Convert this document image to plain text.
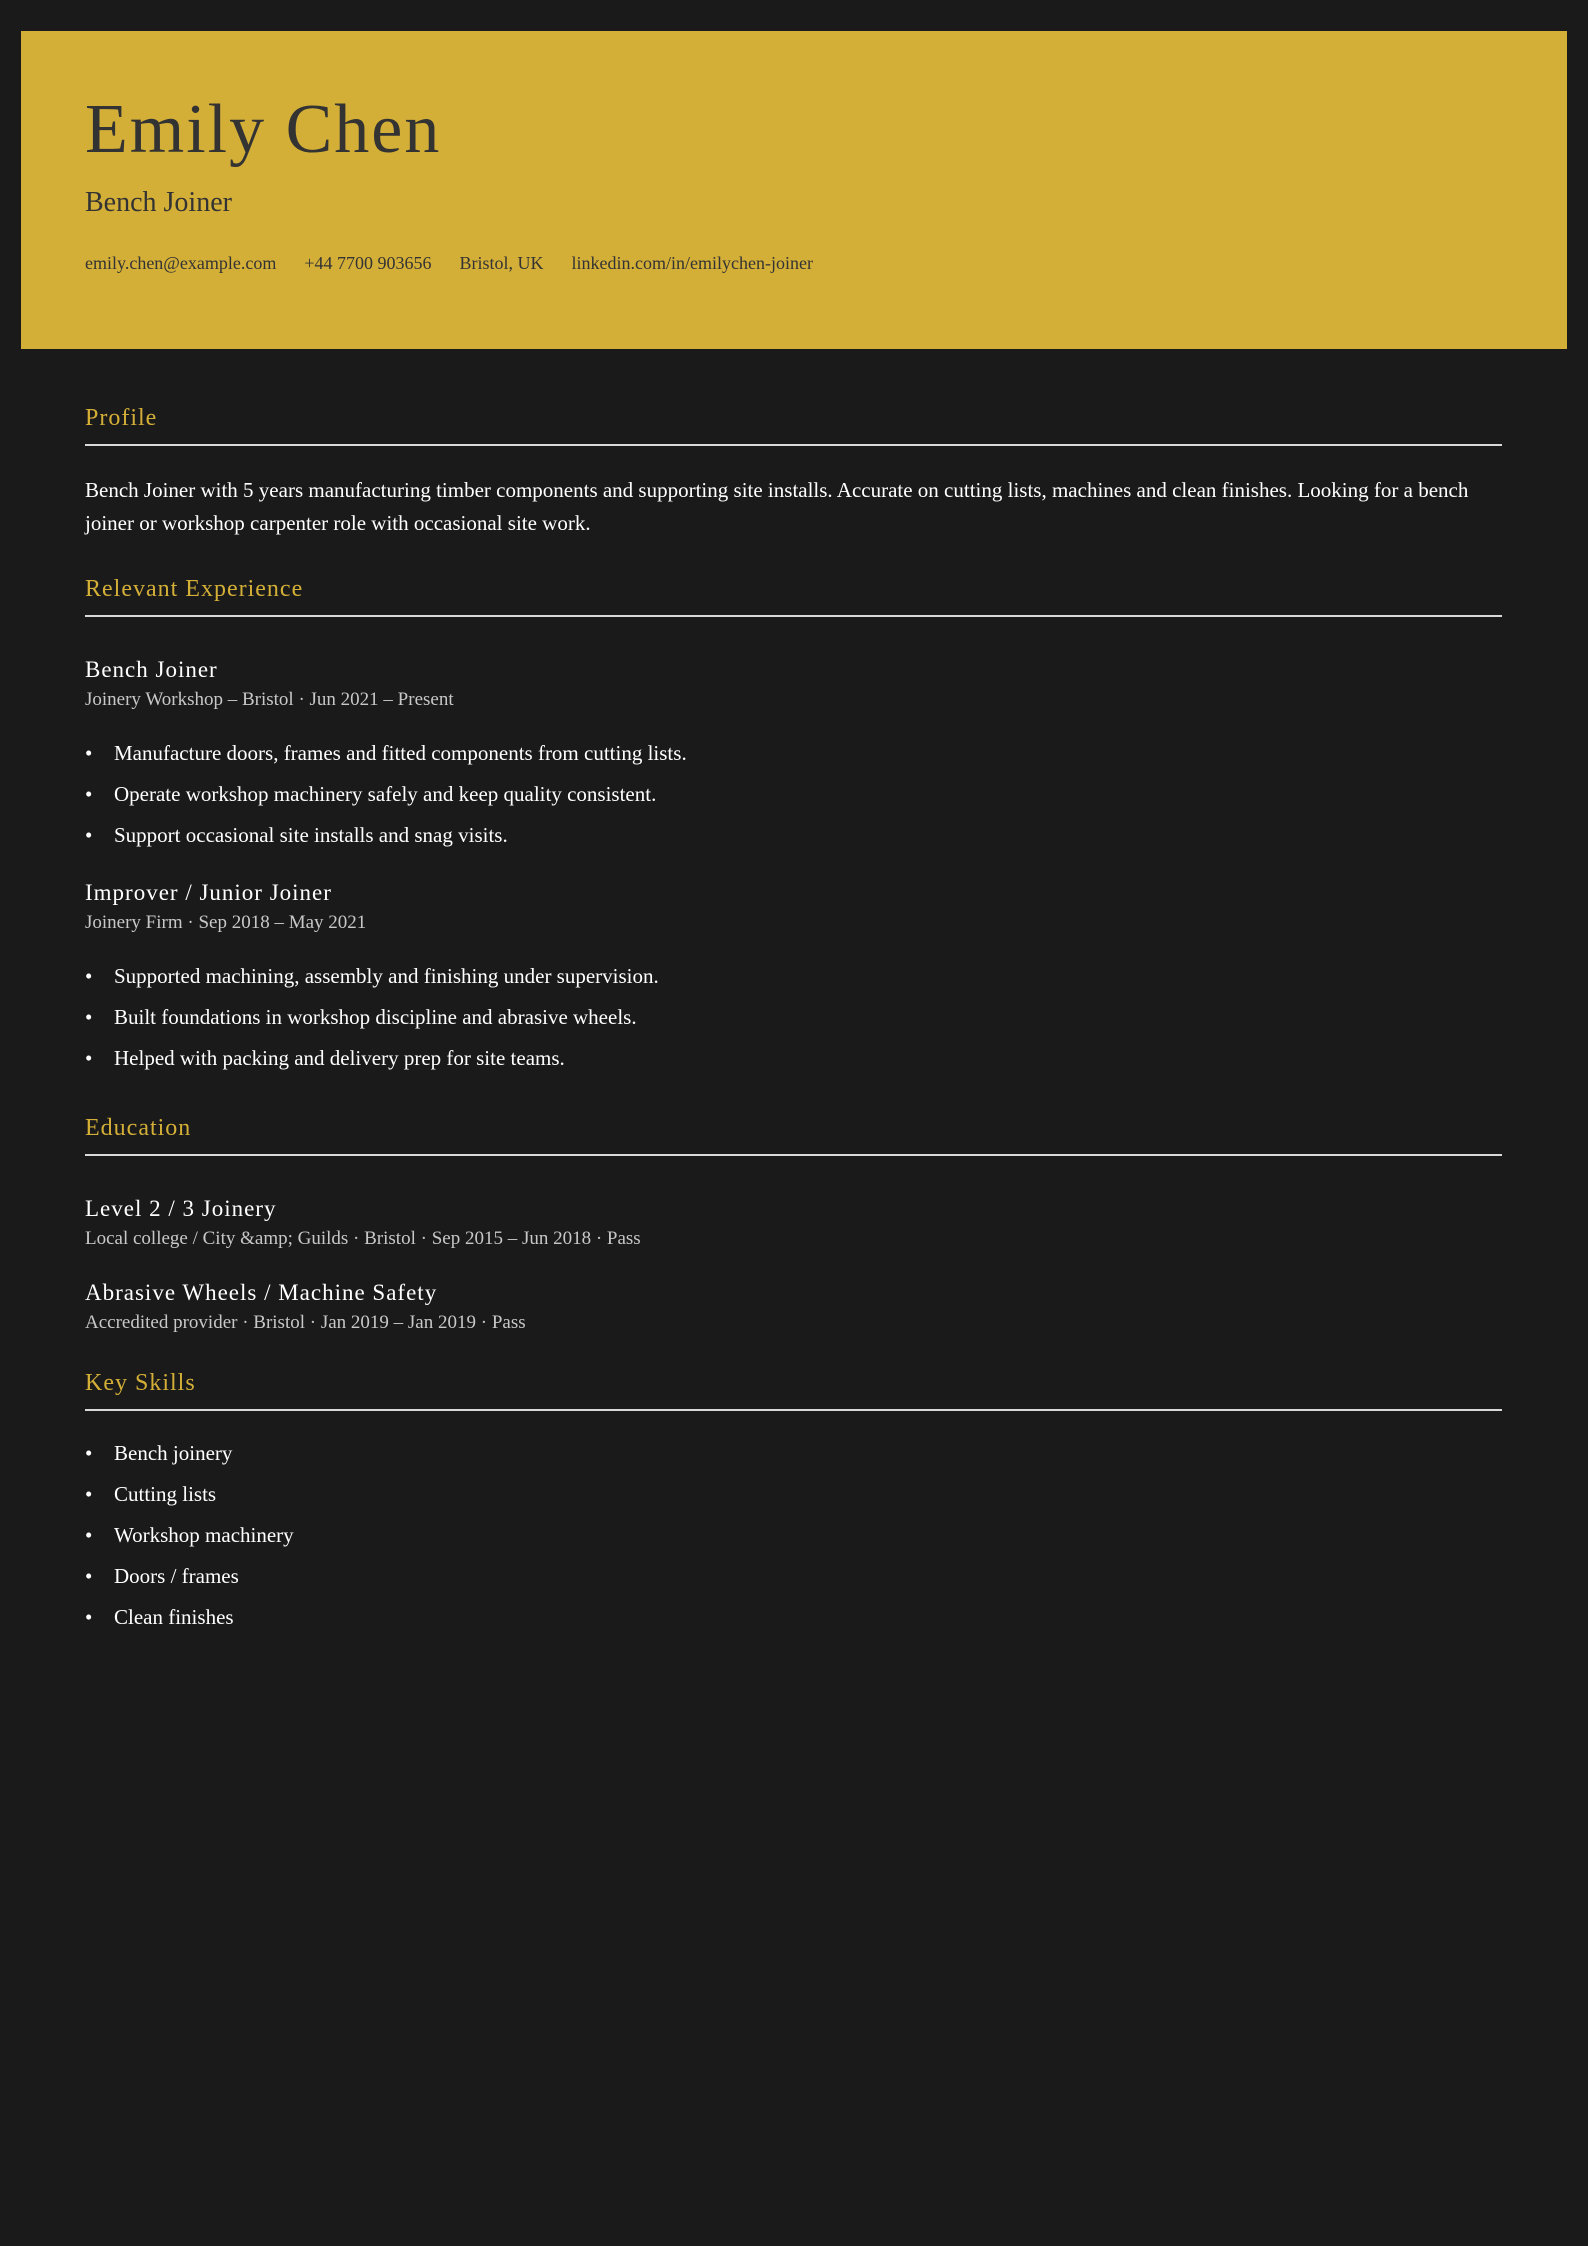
Emily Chen
Bench Joiner
emily.chen@example.com +44 7700 903656 Bristol, UK linkedin.com/in/emilychen-joiner
Profile

Bench Joiner with 5 years manufacturing timber components and supporting site installs. Accurate on cutting lists, machines and clean finishes. Looking for a bench joiner or workshop carpenter role with occasional site work.

Relevant Experience
Bench Joiner

Joinery Workshop – Bristol · Jun 2021 – Present

• Manufacture doors, frames and fitted components from cutting lists.
• Operate workshop machinery safely and keep quality consistent.
• Support occasional site installs and snag visits.
Improver / Junior Joiner

Joinery Firm · Sep 2018 – May 2021

• Supported machining, assembly and finishing under supervision.
• Built foundations in workshop discipline and abrasive wheels.
• Helped with packing and delivery prep for site teams.
Education
Level 2 / 3 Joinery

Local college / City &amp; Guilds · Bristol · Sep 2015 – Jun 2018 · Pass

Abrasive Wheels / Machine Safety

Accredited provider · Bristol · Jan 2019 – Jan 2019 · Pass

Key Skills
• Bench joinery
• Cutting lists
• Workshop machinery
• Doors / frames
• Clean finishes
